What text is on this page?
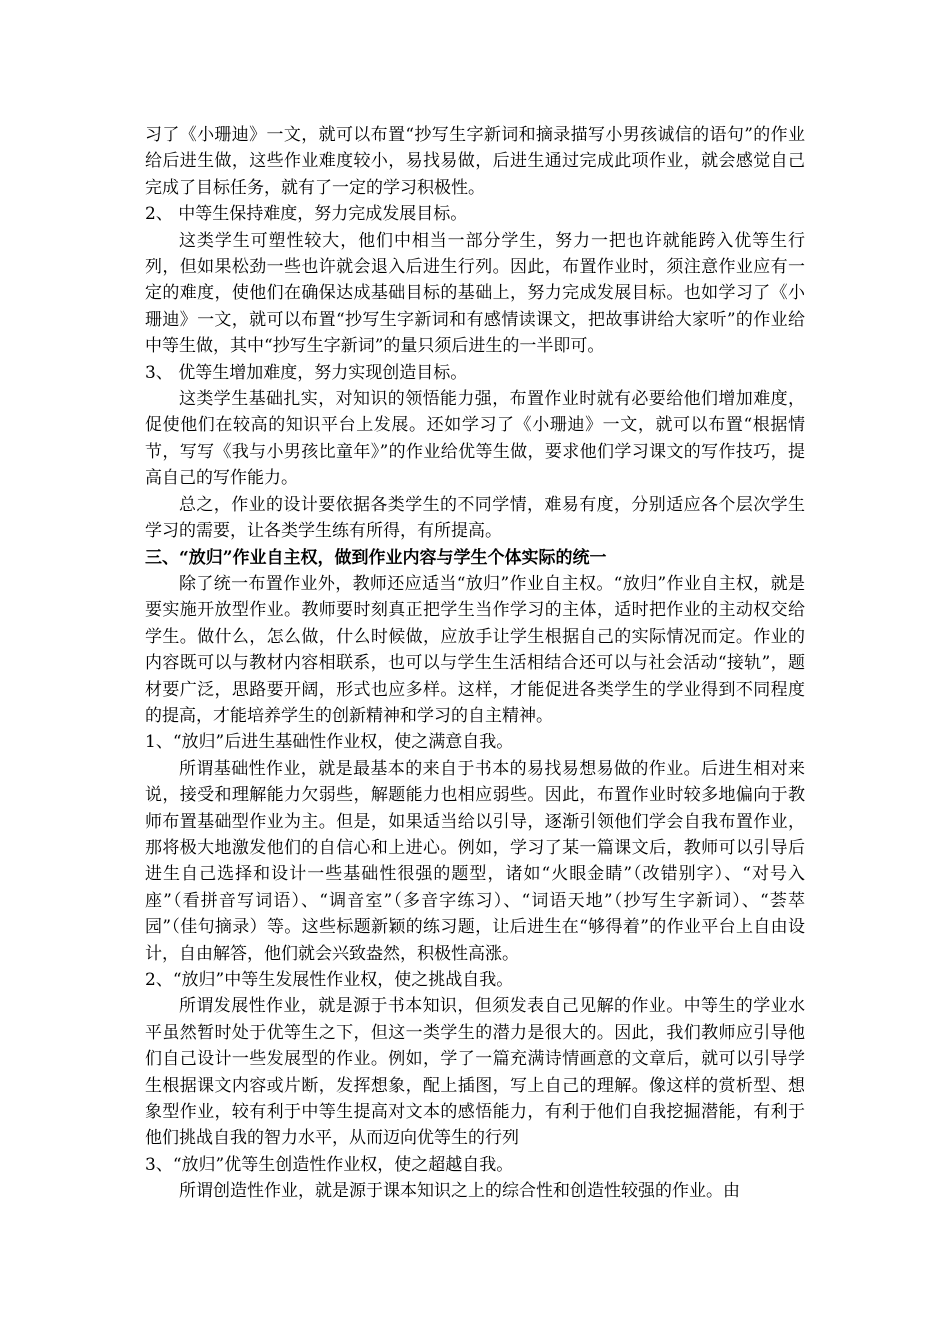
习了《小珊迪》一文，就可以布置“抄写生字新词和摘录描写小男孩诚信的语句”的作业给后进生做，这些作业难度较小，易找易做，后进生通过完成此项作业，就会感觉自己完成了目标任务，就有了一定的学习积极性。

2、 中等生保持难度，努力完成发展目标。

这类学生可塑性较大，他们中相当一部分学生，努力一把也许就能跨入优等生行列，但如果松劲一些也许就会退入后进生行列。因此，布置作业时，须注意作业应有一定的难度，使他们在确保达成基础目标的基础上，努力完成发展目标。也如学习了《小珊迪》一文，就可以布置“抄写生字新词和有感情读课文，把故事讲给大家听”的作业给中等生做，其中“抄写生字新词”的量只须后进生的一半即可。

3、 优等生增加难度，努力实现创造目标。

这类学生基础扎实，对知识的领悟能力强，布置作业时就有必要给他们增加难度，促使他们在较高的知识平台上发展。还如学习了《小珊迪》一文，就可以布置“根据情节，写写《我与小男孩比童年》”的作业给优等生做，要求他们学习课文的写作技巧，提高自己的写作能力。

总之，作业的设计要依据各类学生的不同学情，难易有度，分别适应各个层次学生学习的需要，让各类学生练有所得，有所提高。

三、“放归”作业自主权，做到作业内容与学生个体实际的统一

除了统一布置作业外，教师还应适当“放归”作业自主权。“放归”作业自主权，就是要实施开放型作业。教师要时刻真正把学生当作学习的主体，适时把作业的主动权交给学生。做什么，怎么做，什么时候做，应放手让学生根据自己的实际情况而定。作业的内容既可以与教材内容相联系，也可以与学生生活相结合还可以与社会活动“接轨”，题材要广泛，思路要开阔，形式也应多样。这样，才能促进各类学生的学业得到不同程度的提高，才能培养学生的创新精神和学习的自主精神。

1、“放归”后进生基础性作业权，使之满意自我。

所谓基础性作业，就是最基本的来自于书本的易找易想易做的作业。后进生相对来说，接受和理解能力欠弱些，解题能力也相应弱些。因此，布置作业时较多地偏向于教师布置基础型作业为主。但是，如果适当给以引导，逐渐引领他们学会自我布置作业，那将极大地激发他们的自信心和上进心。例如，学习了某一篇课文后，教师可以引导后进生自己选择和设计一些基础性很强的题型，诸如“火眼金睛”（改错别字）、“对号入座”（看拼音写词语）、“调音室”（多音字练习）、“词语天地”（抄写生字新词）、“荟萃园”（佳句摘录）等。这些标题新颖的练习题，让后进生在“够得着”的作业平台上自由设计，自由解答，他们就会兴致盎然，积极性高涨。

2、“放归”中等生发展性作业权，使之挑战自我。

所谓发展性作业，就是源于书本知识，但须发表自己见解的作业。中等生的学业水平虽然暂时处于优等生之下，但这一类学生的潜力是很大的。因此，我们教师应引导他们自己设计一些发展型的作业。例如，学了一篇充满诗情画意的文章后，就可以引导学生根据课文内容或片断，发挥想象，配上插图，写上自己的理解。像这样的赏析型、想象型作业，较有利于中等生提高对文本的感悟能力，有利于他们自我挖掘潜能，有利于他们挑战自我的智力水平，从而迈向优等生的行列

3、“放归”优等生创造性作业权，使之超越自我。

所谓创造性作业，就是源于课本知识之上的综合性和创造性较强的作业。由
